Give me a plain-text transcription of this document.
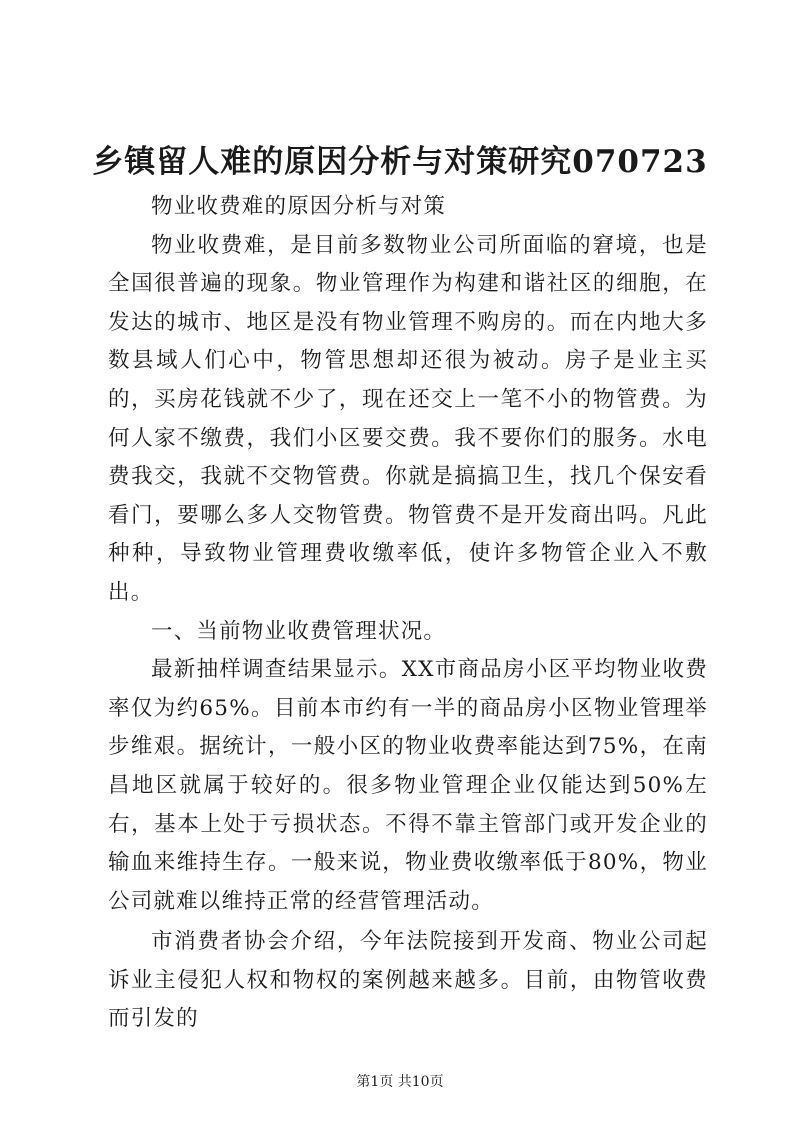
乡镇留人难的原因分析与对策研究070723

物业收费难的原因分析与对策

物业收费难，是目前多数物业公司所面临的窘境，也是全国很普遍的现象。物业管理作为构建和谐社区的细胞，在发达的城市、地区是没有物业管理不购房的。而在内地大多数县域人们心中，物管思想却还很为被动。房子是业主买的，买房花钱就不少了，现在还交上一笔不小的物管费。为何人家不缴费，我们小区要交费。我不要你们的服务。水电费我交，我就不交物管费。你就是搞搞卫生，找几个保安看看门，要哪么多人交物管费。物管费不是开发商出吗。凡此种种，导致物业管理费收缴率低，使许多物管企业入不敷出。

一、当前物业收费管理状况。

最新抽样调查结果显示。XX市商品房小区平均物业收费率仅为约65%。目前本市约有一半的商品房小区物业管理举步维艰。据统计，一般小区的物业收费率能达到75%，在南昌地区就属于较好的。很多物业管理企业仅能达到50%左右，基本上处于亏损状态。不得不靠主管部门或开发企业的输血来维持生存。一般来说，物业费收缴率低于80%，物业公司就难以维持正常的经营管理活动。

市消费者协会介绍，今年法院接到开发商、物业公司起诉业主侵犯人权和物权的案例越来越多。目前，由物管收费而引发的

第1页 共10页
